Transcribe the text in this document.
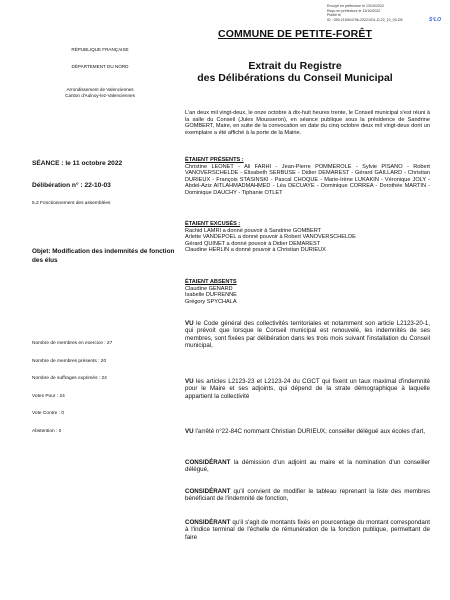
Envoyé en préfecture le 13/10/2022
Reçu en préfecture le 13/10/2022
Publié le
ID : 059-215904796-20221011-D-22_10_03-DE	S²LO
RÉPUBLIQUE FRANÇAISE
DÉPARTEMENT DU NORD
Arrondissement de Valenciennes
Canton d'Aulnoy-lez-Valenciennes
COMMUNE DE PETITE-FORÊT
Extrait du Registre
des Délibérations du Conseil Municipal
L'an deux mil vingt-deux, le onze octobre à dix-huit heures trente, le Conseil municipal s'est réuni à la salle du Conseil (Jules Mousseron), en séance publique sous la présidence de Sandrine GOMBERT, Maire, en suite de la convocation en date du cinq octobre deux mil vingt-deux dont un exemplaire a été affiché à la porte de la Mairie.
SÉANCE : le 11 octobre 2022
Délibération n° : 22-10-03
5.2 Fonctionnement des assemblées
Objet: Modification des indemnités de fonction des élus
Nombre de membres en exercice : 27
Nombre de membres présents : 20
Nombre de suffrages exprimés : 24
Votes Pour : 24
Vote Contre : 0
Abstention : 0
ÉTAIENT PRÉSENTS :
Christine LEONET - Ali FARHI - Jean-Pierre POMMEROLE - Sylvie PISANO - Robert VANOVERSCHELDE - Élisabeth SERBUSE - Didier DEMAREST - Gérard GAILLARD - Christian DURIEUX - François STASINSKI - Pascal CHOQUE - Marie-Irène LUKAKIN - Véronique JOLY - Abdel-Aziz AITLAHMADMAHMED - Léa DECUAYE - Dominique CORREA - Dorothée MARTIN - Dominique DAUCHY - Tiphanie OTLET
ÉTAIENT EXCUSÉS :
Rachid LAMRI a donné pouvoir à Sandrine GOMBERT
Arlette VANDEPOEL a donné pouvoir à Robert VANOVERSCHELDE
Gérard QUINET a donné pouvoir à Didier DEMAREST
Claudine HERLIN a donné pouvoir à Christian DURIEUX
ÉTAIENT ABSENTS
Claudine GENARD
Isabelle DUFRENNE
Grégory SPYCHALA
VU le Code général des collectivités territoriales et notamment son article L2123-20-1, qui prévoit que lorsque le Conseil municipal est renouvelé, les indemnités de ses membres, sont fixées par délibération dans les trois mois suivant l'installation du Conseil municipal,
VU les articles L2123-23 et L2123-24 du CGCT qui fixent un taux maximal d'indemnité pour le Maire et ses adjoints, qui dépend de la strate démographique à laquelle appartient la collectivité
VU l'arrêté n°22-84C nommant Christian DURIEUX, conseiller délégué aux écoles d'art,
CONSIDÉRANT la démission d'un adjoint au maire et la nomination d'un conseiller délégué,
CONSIDÉRANT qu'il convient de modifier le tableau reprenant la liste des membres bénéficiant de l'indemnité de fonction,
CONSIDÉRANT qu'il s'agit de montants fixés en pourcentage du montant correspondant à l'indice terminal de l'échelle de rémunération de la fonction publique, permettant de faire
